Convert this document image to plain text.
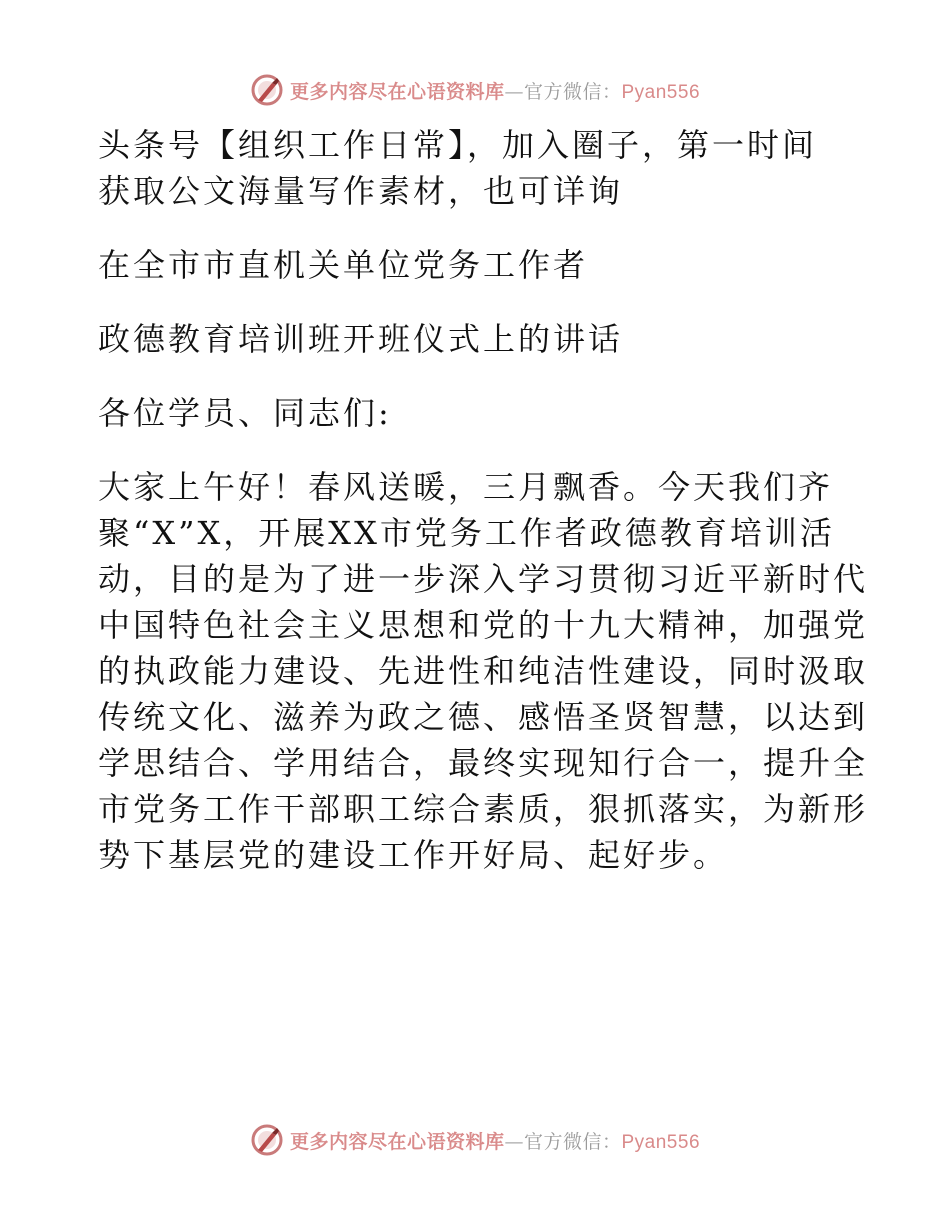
更多内容尽在心语资料库—官方微信：Pyan556

头条号【组织工作日常】，加入圈子，第一时间
获取公文海量写作素材，也可详询

在全市市直机关单位党务工作者

政德教育培训班开班仪式上的讲话

各位学员、同志们:

大家上午好！春风送暖，三月飘香。今天我们齐
聚“X”X，开展XX市党务工作者政德教育培训活
动，目的是为了进一步深入学习贯彻习近平新时代
中国特色社会主义思想和党的十九大精神，加强党
的执政能力建设、先进性和纯洁性建设，同时汲取
传统文化、滋养为政之德、感悟圣贤智慧，以达到
学思结合、学用结合，最终实现知行合一，提升全
市党务工作干部职工综合素质，狠抓落实，为新形
势下基层党的建设工作开好局、起好步。

更多内容尽在心语资料库—官方微信：Pyan556
